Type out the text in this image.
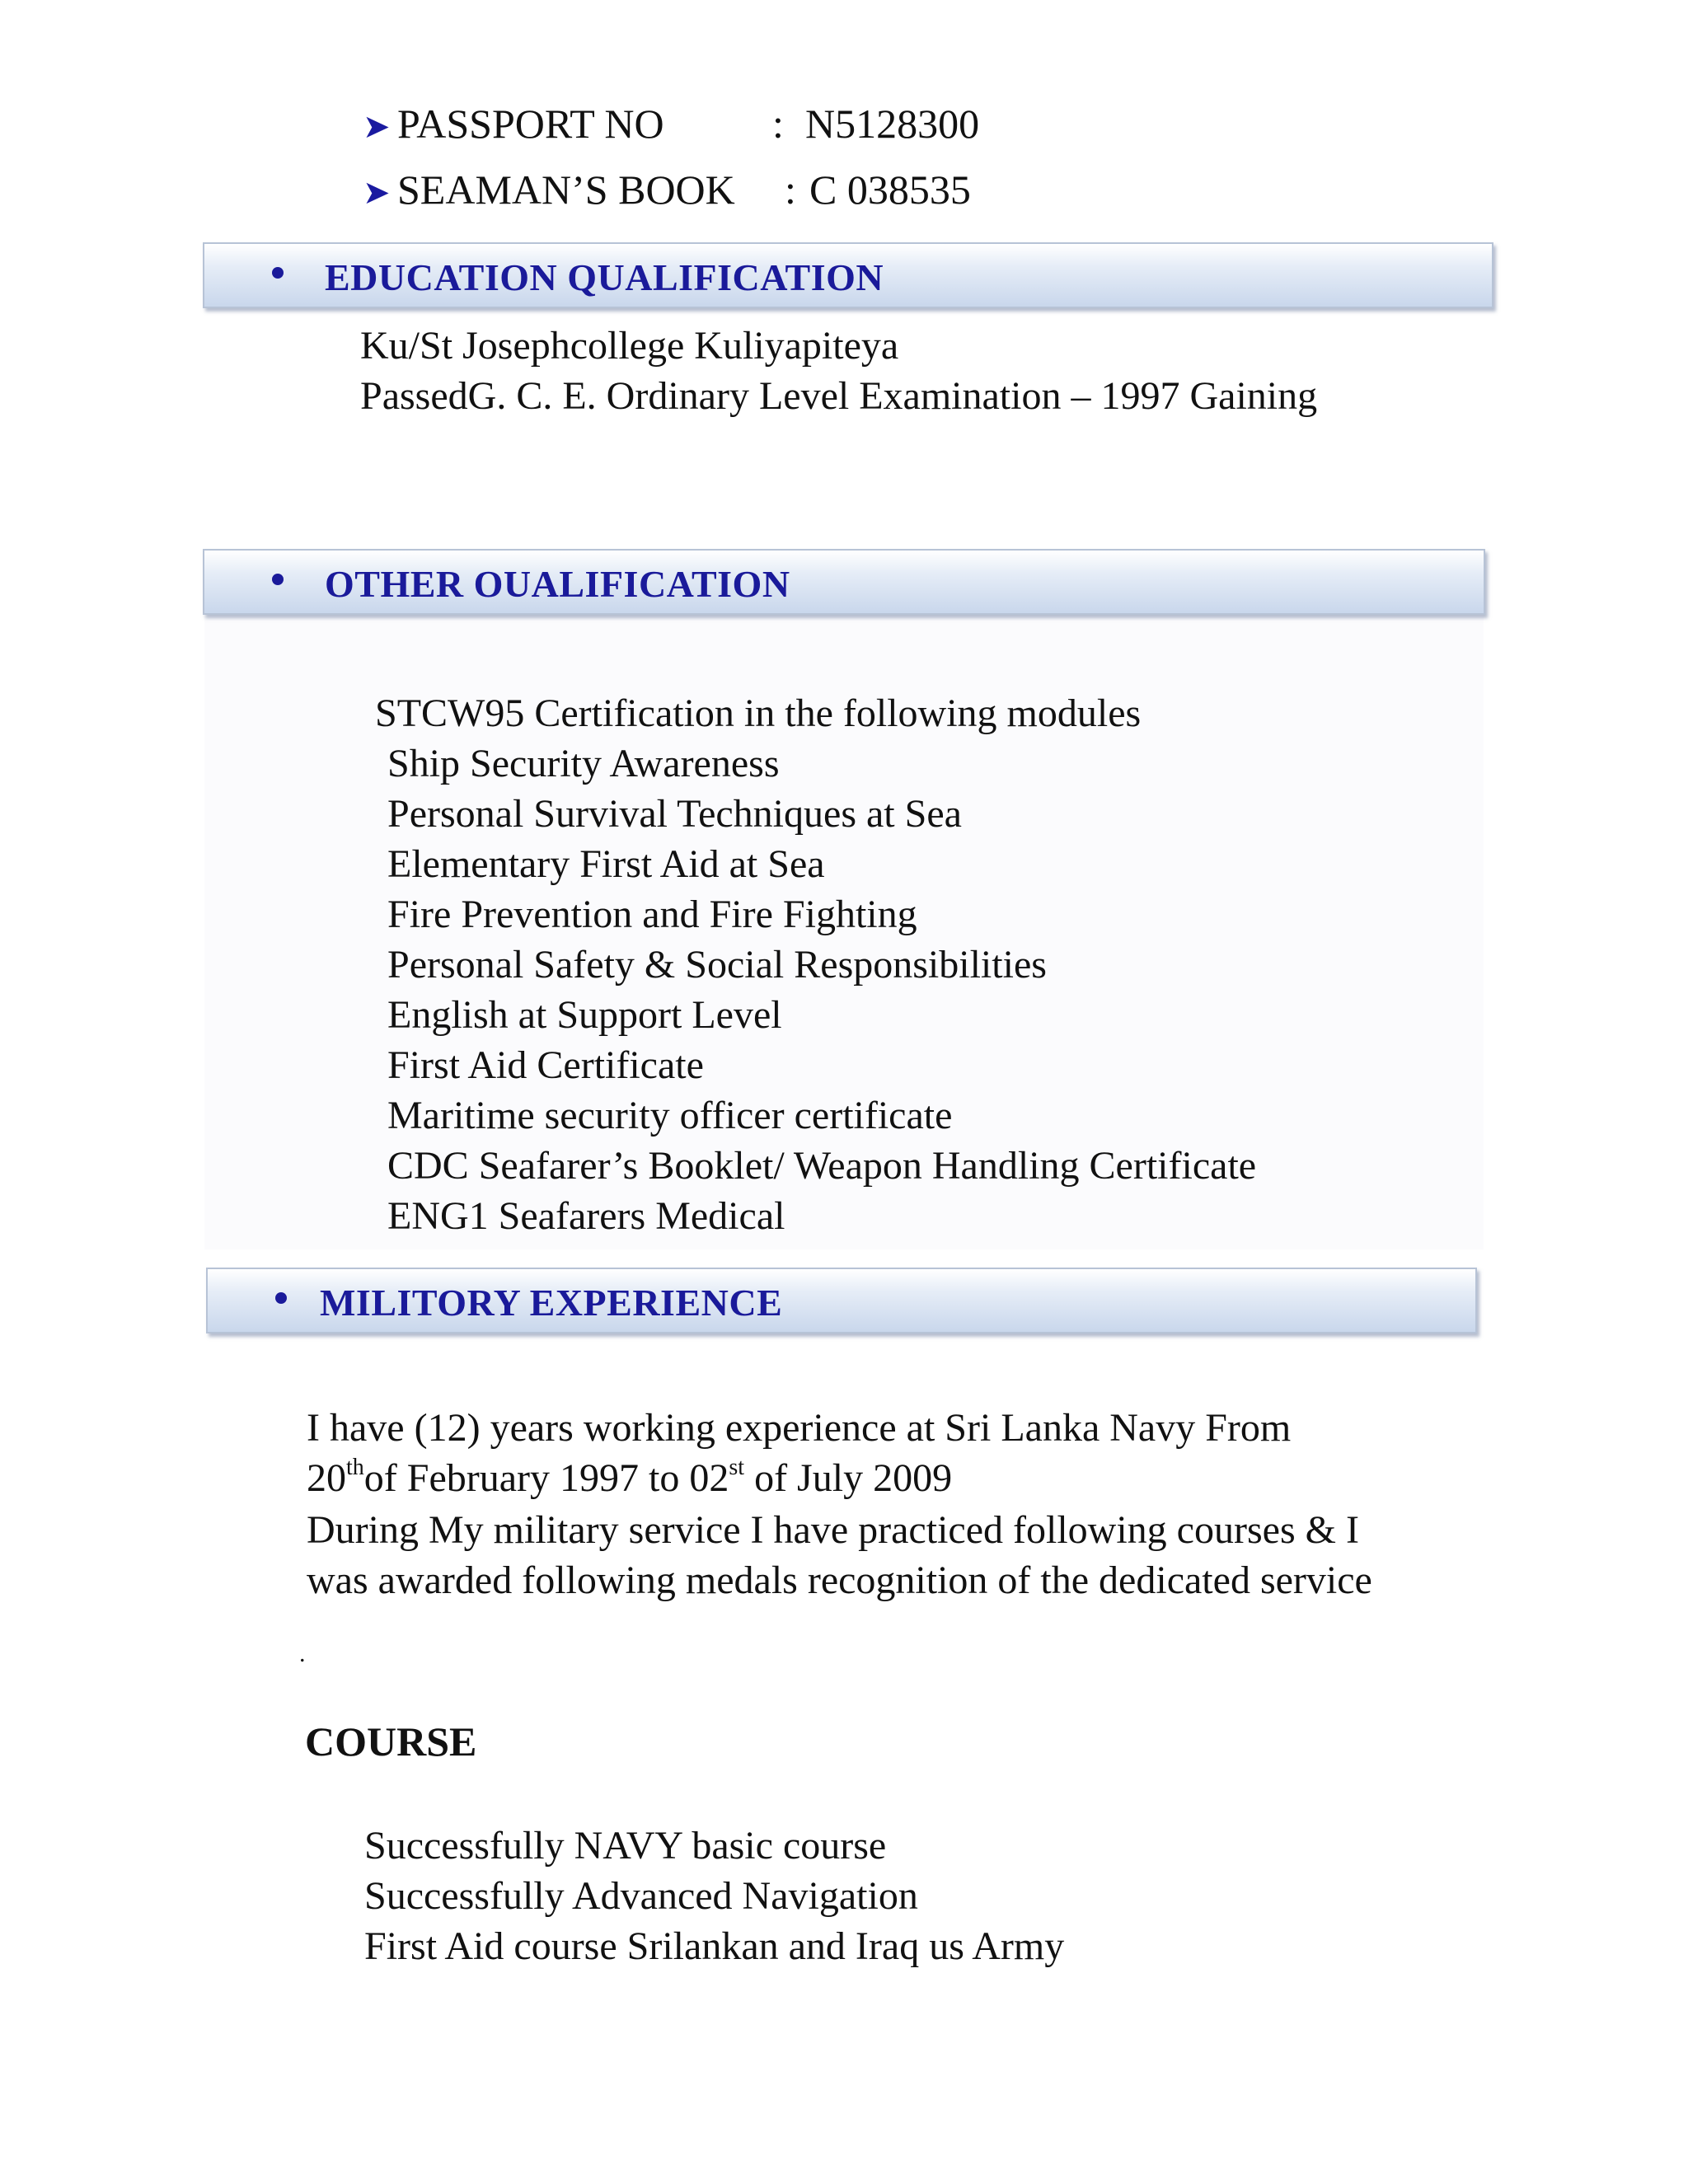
➤ PASSPORT NO	: N5128300
➤ SEAMAN’S BOOK : C 038535
EDUCATION QUALIFICATION
Ku/St Josephcollege Kuliyapiteya
PassedG. C. E. Ordinary Level Examination – 1997 Gaining
OTHER OUALIFICATION
STCW95 Certification in the following modules
Ship Security Awareness
Personal Survival Techniques at Sea
Elementary First Aid at Sea
Fire Prevention and Fire Fighting
Personal Safety & Social Responsibilities
English at Support Level
First Aid Certificate
Maritime security officer certificate
CDC Seafarer’s Booklet/ Weapon Handling Certificate
ENG1 Seafarers Medical
MILITORY EXPERIENCE
I have (12) years working experience at Sri Lanka Navy From
20thof February 1997 to 02st of July 2009
During My military service I have practiced following courses & I
was awarded following medals recognition of the dedicated service
.
COURSE
Successfully NAVY basic course
Successfully Advanced Navigation
First Aid course Srilankan and Iraq us Army
